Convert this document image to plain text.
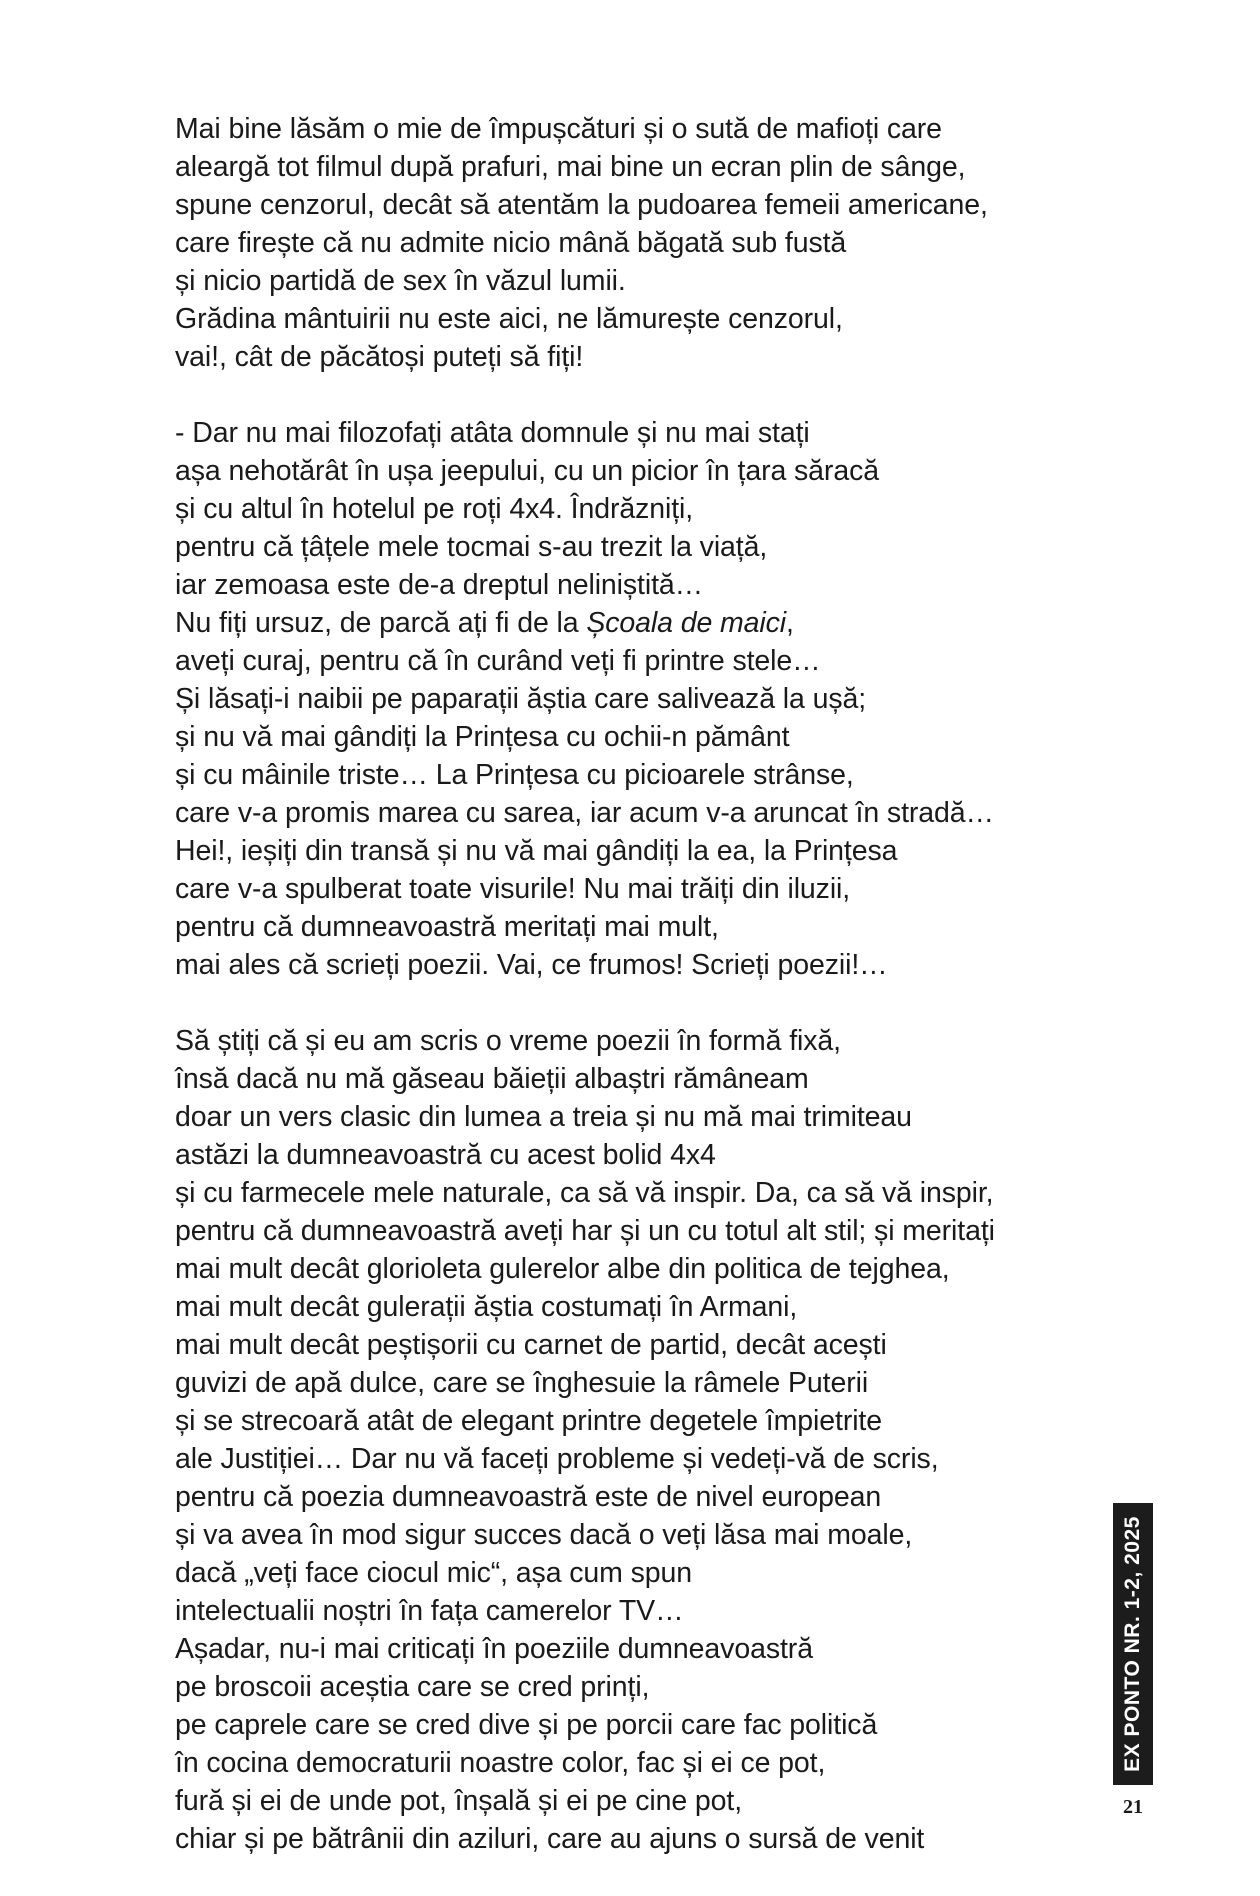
Mai bine lăsăm o mie de împușcături și o sută de mafioți care
aleargă tot filmul după prafuri, mai bine un ecran plin de sânge,
spune cenzorul, decât să atentăm la pudoarea femeii americane,
care firește că nu admite nicio mână băgată sub fustă
și nicio partidă de sex în văzul lumii.
Grădina mântuirii nu este aici, ne lămurește cenzorul,
vai!, cât de păcătoși puteți să fiți!
- Dar nu mai filozofați atâta domnule și nu mai stați
așa nehotărât în ușa jeepului, cu un picior în țara săracă
și cu altul în hotelul pe roți 4x4. Îndrăzniți,
pentru că țâțele mele tocmai s-au trezit la viață,
iar zemoasa este de-a dreptul neliniștită…
Nu fiți ursuz, de parcă ați fi de la Școala de maici,
aveți curaj, pentru că în curând veți fi printre stele…
Și lăsați-i naibii pe paparații ăștia care salivează la ușă;
și nu vă mai gândiți la Prințesa cu ochii-n pământ
și cu mâinile triste… La Prințesa cu picioarele strânse,
care v-a promis marea cu sarea, iar acum v-a aruncat în stradă…
Hei!, ieșiți din transă și nu vă mai gândiți la ea, la Prințesa
care v-a spulberat toate visurile! Nu mai trăiți din iluzii,
pentru că dumneavoastră meritați mai mult,
mai ales că scrieți poezii. Vai, ce frumos! Scrieți poezii!…
Să știți că și eu am scris o vreme poezii în formă fixă,
însă dacă nu mă găseau băieții albaștri rămâneam
doar un vers clasic din lumea a treia și nu mă mai trimiteau
astăzi la dumneavoastră cu acest bolid 4x4
și cu farmecele mele naturale, ca să vă inspir. Da, ca să vă inspir,
pentru că dumneavoastră aveți har și un cu totul alt stil; și meritați
mai mult decât glorioleta gulerelor albe din politica de tejghea,
mai mult decât gulerații ăștia costumați în Armani,
mai mult decât peștișorii cu carnet de partid, decât acești
guvizi de apă dulce, care se înghesuie la râmele Puterii
și se strecoară atât de elegant printre degetele împietrite
ale Justiției… Dar nu vă faceți probleme și vedeți-vă de scris,
pentru că poezia dumneavoastră este de nivel european
și va avea în mod sigur succes dacă o veți lăsa mai moale,
dacă „veți face ciocul mic“, așa cum spun
intelectualii noștri în fața camerelor TV…
Așadar, nu-i mai criticați în poeziile dumneavoastră
pe broscoii aceștia care se cred prinți,
pe caprele care se cred dive și pe porcii care fac politică
în cocina democraturii noastre color, fac și ei ce pot,
fură și ei de unde pot, înșală și ei pe cine pot,
chiar și pe bătrânii din aziluri, care au ajuns o sursă de venit
EX PONTO NR. 1-2, 2025
21
